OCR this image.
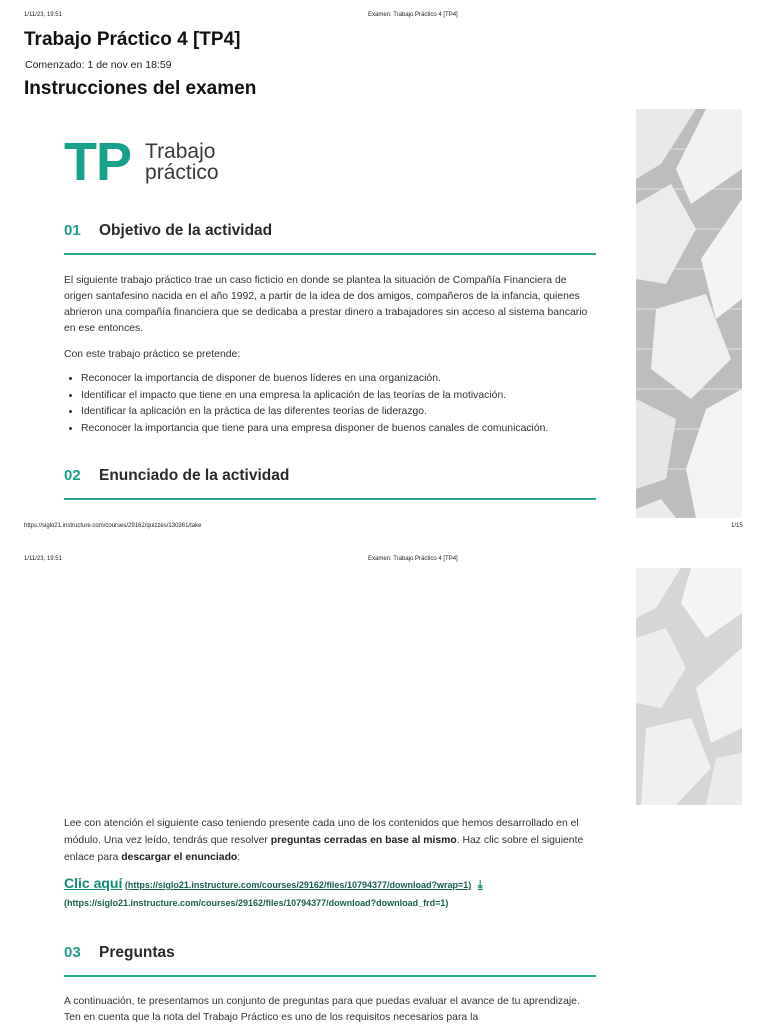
1/11/23, 19:51	Examen: Trabajo Práctico 4 [TP4]
Trabajo Práctico 4 [TP4]
Comenzado: 1 de nov en 18:59
Instrucciones del examen
TP Trabajo
práctico
01	Objetivo de la actividad

El siguiente trabajo práctico trae un caso ficticio en donde se plantea la situación de Compañía Financiera de origen santafesino nacida en el año 1992, a partir de la idea de dos amigos, compañeros de la infancia, quienes abrieron una compañía financiera que se dedicaba a prestar dinero a trabajadores sin acceso al sistema bancario en ese entonces.

Con este trabajo práctico se pretende:

• Reconocer la importancia de disponer de buenos líderes en una organización.
• Identificar el impacto que tiene en una empresa la aplicación de las teorías de la motivación.
• Identificar la aplicación en la práctica de las diferentes teorías de liderazgo.
• Reconocer la importancia que tiene para una empresa disponer de buenos canales de comunicación.
02	Enunciado de la actividad
https://siglo21.instructure.com/courses/29162/quizzes/130361/take	1/15
1/11/23, 19:51	Examen: Trabajo Práctico 4 [TP4]

Lee con atención el siguiente caso teniendo presente cada uno de los contenidos que hemos desarrollado en el módulo. Una vez leído, tendrás que resolver preguntas cerradas en base al mismo. Haz clic sobre el siguiente enlace para descargar el enunciado:

Clic aquí (https://siglo21.instructure.com/courses/29162/files/10794377/download?wrap=1) ⤓
(https://siglo21.instructure.com/courses/29162/files/10794377/download?download_frd=1)
03	Preguntas

A continuación, te presentamos un conjunto de preguntas para que puedas evaluar el avance de tu aprendizaje. Ten en cuenta que la nota del Trabajo Práctico es uno de los requisitos necesarios para la
